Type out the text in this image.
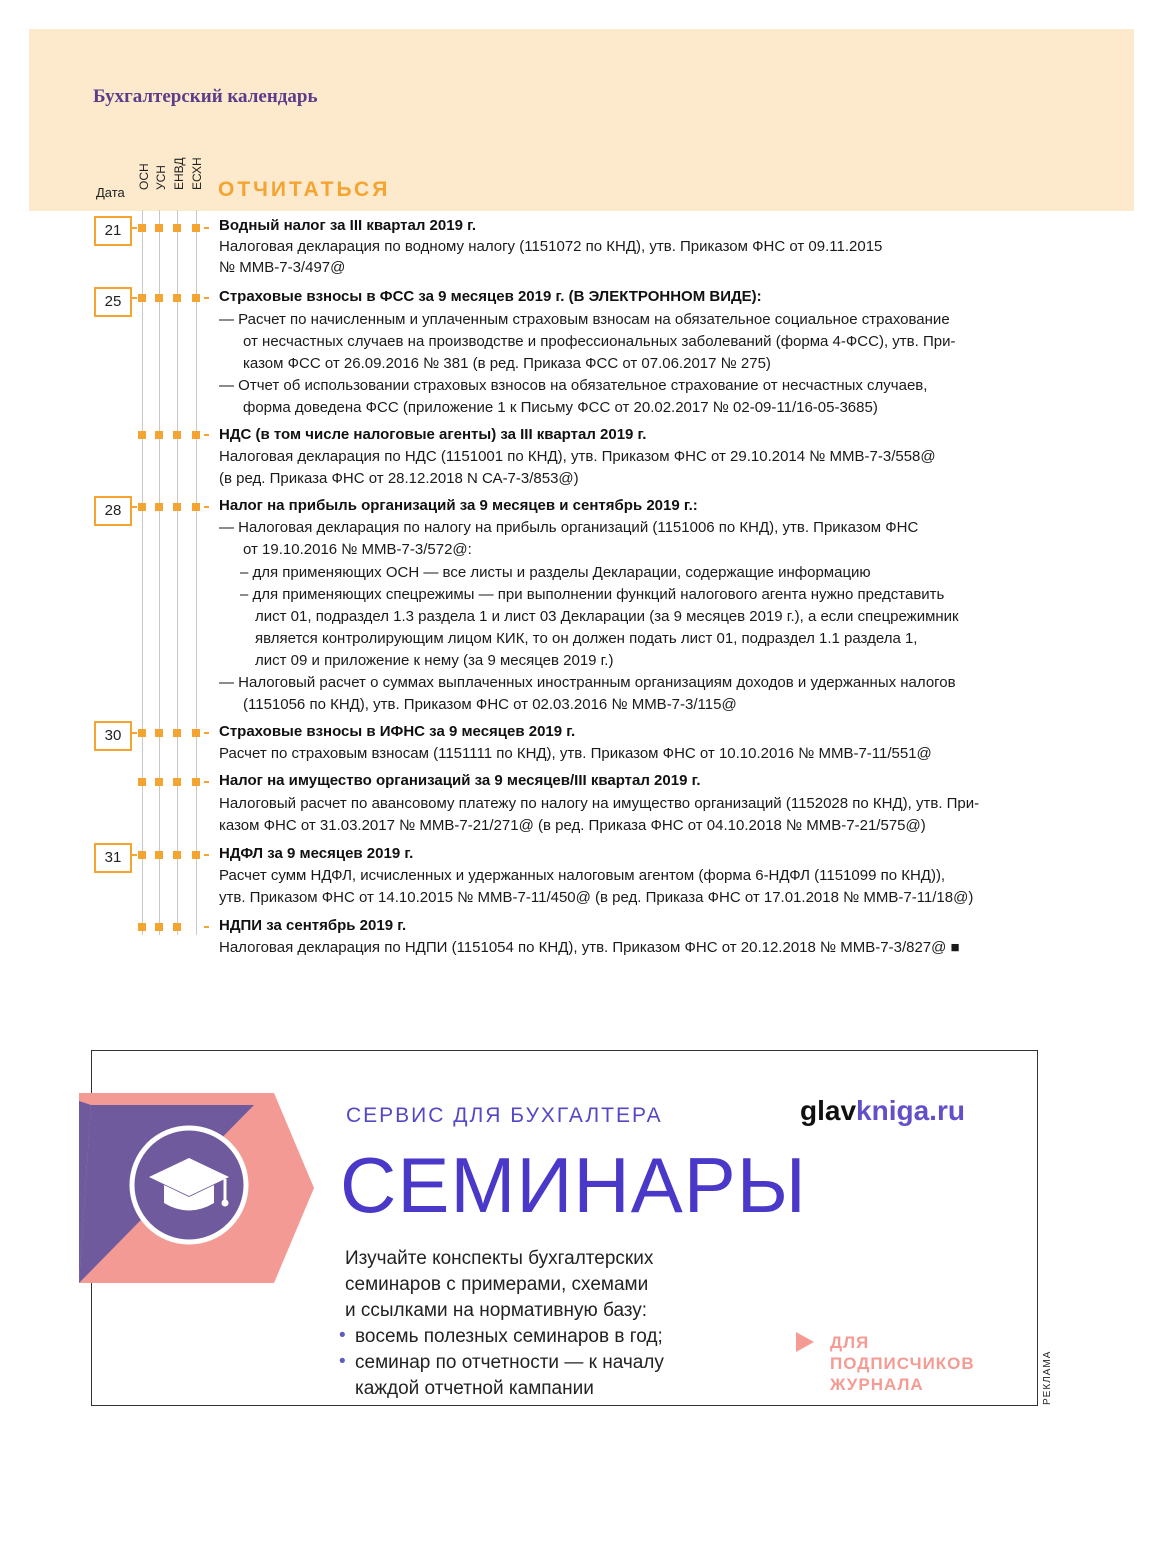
Бухгалтерский календарь
Дата
ОСН УСН ЕНВД ЕСХН ОТЧИТАТЬСЯ
21
25
28
30
31
Водный налог за III квартал 2019 г.
Налоговая декларация по водному налогу (1151072 по КНД), утв. Приказом ФНС от 09.11.2015
№ ММВ-7-3/497@
Страховые взносы в ФСС за 9 месяцев 2019 г. (В ЭЛЕКТРОННОМ ВИДЕ):
— Расчет по начисленным и уплаченным страховым взносам на обязательное социальное страхование
от несчастных случаев на производстве и профессиональных заболеваний (форма 4-ФСС), утв. При-
казом ФСС от 26.09.2016 № 381 (в ред. Приказа ФСС от 07.06.2017 № 275)
— Отчет об использовании страховых взносов на обязательное страхование от несчастных случаев,
форма доведена ФСС (приложение 1 к Письму ФСС от 20.02.2017 № 02-09-11/16-05-3685)
НДС (в том числе налоговые агенты) за III квартал 2019 г.
Налоговая декларация по НДС (1151001 по КНД), утв. Приказом ФНС от 29.10.2014 № ММВ-7-3/558@
(в ред. Приказа ФНС от 28.12.2018 N СА-7-3/853@)
Налог на прибыль организаций за 9 месяцев и сентябрь 2019 г.:
— Налоговая декларация по налогу на прибыль организаций (1151006 по КНД), утв. Приказом ФНС
от 19.10.2016 № ММВ-7-3/572@:
– для применяющих ОСН — все листы и разделы Декларации, содержащие информацию
– для применяющих спецрежимы — при выполнении функций налогового агента нужно представить
лист 01, подраздел 1.3 раздела 1 и лист 03 Декларации (за 9 месяцев 2019 г.), а если спецрежимник
является контролирующим лицом КИК, то он должен подать лист 01, подраздел 1.1 раздела 1,
лист 09 и приложение к нему (за 9 месяцев 2019 г.)
— Налоговый расчет о суммах выплаченных иностранным организациям доходов и удержанных налогов
(1151056 по КНД), утв. Приказом ФНС от 02.03.2016 № ММВ-7-3/115@
Страховые взносы в ИФНС за 9 месяцев 2019 г.
Расчет по страховым взносам (1151111 по КНД), утв. Приказом ФНС от 10.10.2016 № ММВ-7-11/551@
Налог на имущество организаций за 9 месяцев/III квартал 2019 г.
Налоговый расчет по авансовому платежу по налогу на имущество организаций (1152028 по КНД), утв. При-
казом ФНС от 31.03.2017 № ММВ-7-21/271@ (в ред. Приказа ФНС от 04.10.2018 № ММВ-7-21/575@)
НДФЛ за 9 месяцев 2019 г.
Расчет сумм НДФЛ, исчисленных и удержанных налоговым агентом (форма 6-НДФЛ (1151099 по КНД)),
утв. Приказом ФНС от 14.10.2015 № ММВ-7-11/450@ (в ред. Приказа ФНС от 17.01.2018 № ММВ-7-11/18@)
НДПИ за сентябрь 2019 г.
Налоговая декларация по НДПИ (1151054 по КНД), утв. Приказом ФНС от 20.12.2018 № ММВ-7-3/827@ ■
СЕРВИС ДЛЯ БУХГАЛТЕРА	glavkniga.ru
СЕМИНАРЫ
Изучайте конспекты бухгалтерских
семинаров с примерами, схемами
и ссылками на нормативную базу:
• восемь полезных семинаров в год;
• семинар по отчетности — к началу
каждой отчетной кампании
ДЛЯ
ПОДПИСЧИКОВ
ЖУРНАЛА	РЕКЛАМА
